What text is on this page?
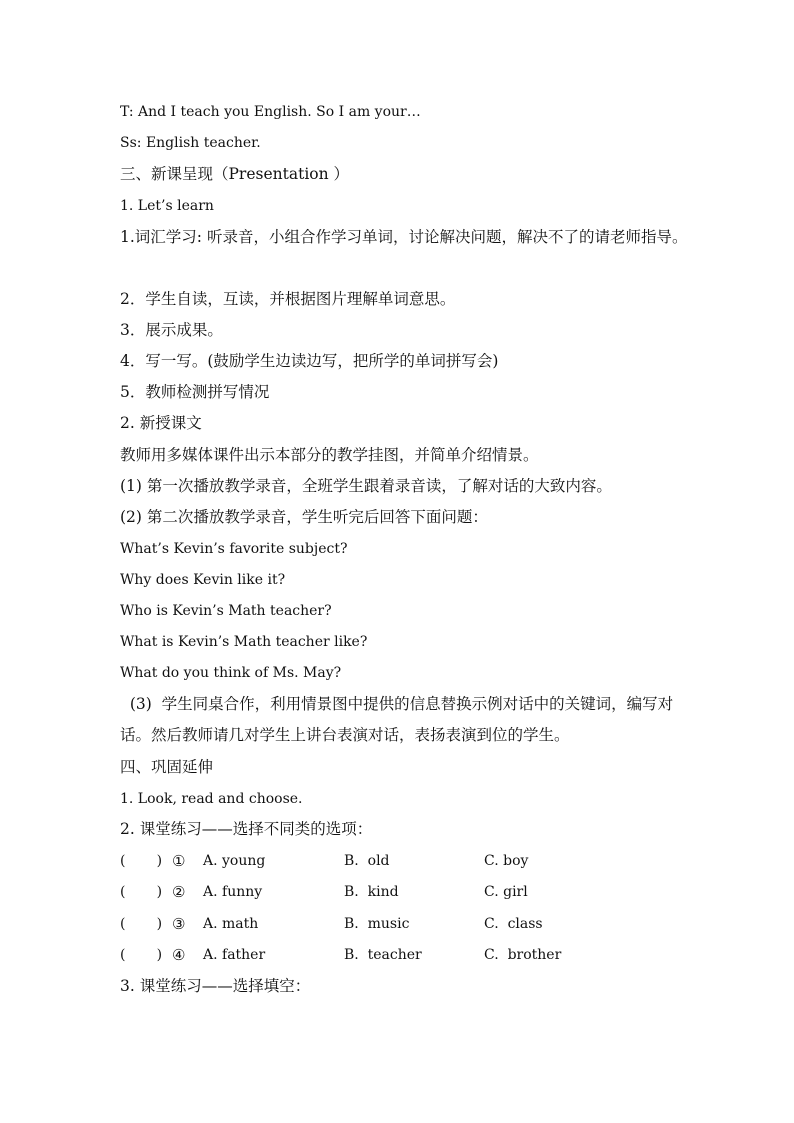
T: And I teach you English. So I am your…
Ss: English teacher.
三、新课呈现（Presentation ）
1. Let’s learn
1.词汇学习: 听录音，小组合作学习单词，讨论解决问题，解决不了的请老师指导。
2．学生自读，互读，并根据图片理解单词意思。
3．展示成果。
4．写一写。(鼓励学生边读边写，把所学的单词拼写会)
5．教师检测拼写情况
2. 新授课文
教师用多媒体课件出示本部分的教学挂图，并简单介绍情景。
(1) 第一次播放教学录音，全班学生跟着录音读，了解对话的大致内容。
(2) 第二次播放教学录音，学生听完后回答下面问题：
What’s Kevin’s favorite subject?
Why does Kevin like it?
Who is Kevin’s Math teacher?
What is Kevin’s Math teacher like?
What do you think of Ms. May?
(3)  学生同桌合作，利用情景图中提供的信息替换示例对话中的关键词，编写对话。然后教师请几对学生上讲台表演对话，表扬表演到位的学生。
四、巩固延伸
1. Look, read and choose.
2. 课堂练习——选择不同类的选项：
(       ) ① A. young	B.  old	C. boy
(       ) ② A. funny	B.  kind	C. girl
(       ) ③ A. math	B.  music	C.  class
(       ) ④ A. father	B.  teacher	C.  brother
3. 课堂练习——选择填空：
